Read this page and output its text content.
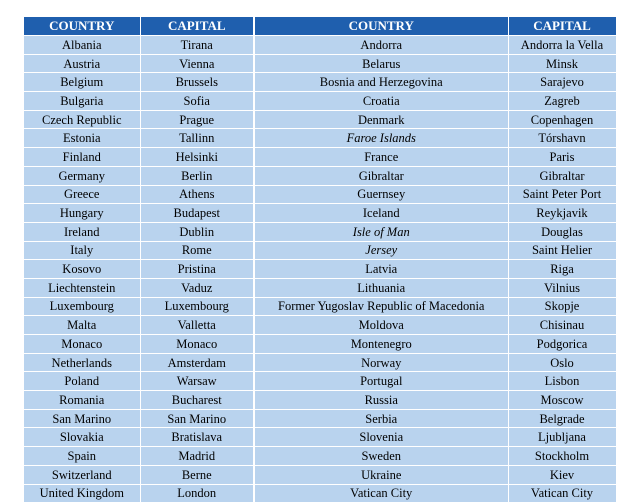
COUNTRY	CAPITAL	COUNTRY	CAPITAL
Albania	Tirana	Andorra	Andorra la Vella
Austria	Vienna	Belarus	Minsk
Belgium	Brussels	Bosnia and Herzegovina	Sarajevo
Bulgaria	Sofia	Croatia	Zagreb
Czech Republic	Prague	Denmark	Copenhagen
Estonia	Tallinn	Faroe Islands	Tórshavn
Finland	Helsinki	France	Paris
Germany	Berlin	Gibraltar	Gibraltar
Greece	Athens	Guernsey	Saint Peter Port
Hungary	Budapest	Iceland	Reykjavik
Ireland	Dublin	Isle of Man	Douglas
Italy	Rome	Jersey	Saint Helier
Kosovo	Pristina	Latvia	Riga
Liechtenstein	Vaduz	Lithuania	Vilnius
Luxembourg	Luxembourg	Former Yugoslav Republic of Macedonia	Skopje
Malta	Valletta	Moldova	Chisinau
Monaco	Monaco	Montenegro	Podgorica
Netherlands	Amsterdam	Norway	Oslo
Poland	Warsaw	Portugal	Lisbon
Romania	Bucharest	Russia	Moscow
San Marino	San Marino	Serbia	Belgrade
Slovakia	Bratislava	Slovenia	Ljubljana
Spain	Madrid	Sweden	Stockholm
Switzerland	Berne	Ukraine	Kiev
United Kingdom	London	Vatican City	Vatican City
